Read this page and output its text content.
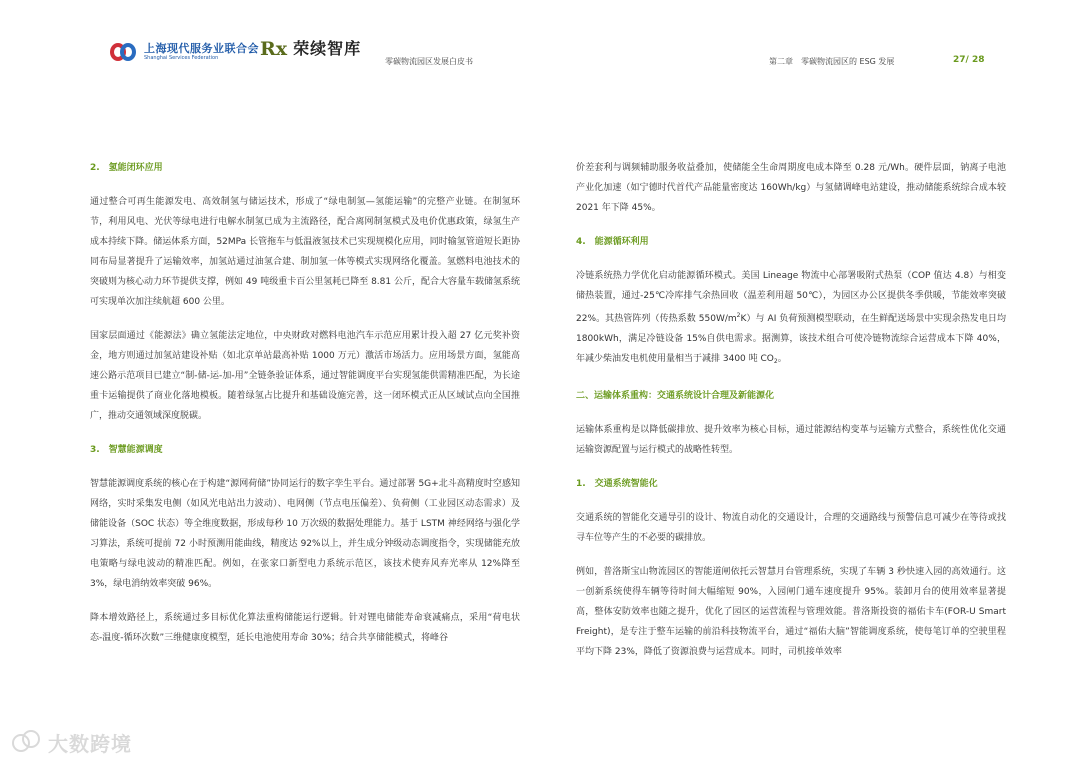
上海现代服务业联合会
Shanghai Services Federation	Rx 荣续智库
零碳物流园区发展白皮书	第二章　零碳物流园区的 ESG 发展	27/ 28
2.　氢能闭环应用

通过整合可再生能源发电、高效制氢与储运技术，形成了“绿电制氢—氢能运输”的完整产业链。在制氢环节，利用风电、光伏等绿电进行电解水制氢已成为主流路径，配合离网制氢模式及电价优惠政策，绿氢生产成本持续下降。储运体系方面，52MPa 长管拖车与低温液氢技术已实现规模化应用，同时输氢管道短长距协同布局显著提升了运输效率，加氢站通过油氢合建、制加氢一体等模式实现网络化覆盖。氢燃料电池技术的突破则为核心动力环节提供支撑，例如 49 吨级重卡百公里氢耗已降至 8.81 公斤，配合大容量车载储氢系统可实现单次加注续航超 600 公里。

国家层面通过《能源法》确立氢能法定地位，中央财政对燃料电池汽车示范应用累计投入超 27 亿元奖补资金，地方则通过加氢站建设补贴（如北京单站最高补贴 1000 万元）激活市场活力。应用场景方面，氢能高速公路示范项目已建立“制-储-运-加-用”全链条验证体系，通过智能调度平台实现氢能供需精准匹配，为长途重卡运输提供了商业化落地模板。随着绿氢占比提升和基础设施完善，这一闭环模式正从区域试点向全国推广，推动交通领域深度脱碳。

3.　智慧能源调度

智慧能源调度系统的核心在于构建“源网荷储”协同运行的数字孪生平台。通过部署 5G+北斗高精度时空感知网络，实时采集发电侧（如风光电站出力波动）、电网侧（节点电压偏差）、负荷侧（工业园区动态需求）及储能设备（SOC 状态）等全维度数据，形成每秒 10 万次级的数据处理能力。基于 LSTM 神经网络与强化学习算法，系统可提前 72 小时预测用能曲线，精度达 92%以上，并生成分钟级动态调度指令，实现储能充放电策略与绿电波动的精准匹配。例如，在张家口新型电力系统示范区，该技术使弃风弃光率从 12%降至 3%，绿电消纳效率突破 96%。

降本增效路径上，系统通过多目标优化算法重构储能运行逻辑。针对锂电储能寿命衰减痛点，采用“荷电状态-温度-循环次数”三维健康度模型，延长电池使用寿命 30%；结合共享储能模式，将峰谷

价差套利与调频辅助服务收益叠加，使储能全生命周期度电成本降至 0.28 元/Wh。硬件层面，钠离子电池产业化加速（如宁德时代首代产品能量密度达 160Wh/kg）与氢储调峰电站建设，推动储能系统综合成本较 2021 年下降 45%。

4.　能源循环利用

冷链系统热力学优化启动能源循环模式。美国 Lineage 物流中心部署吸附式热泵（COP 值达 4.8）与相变储热装置，通过-25℃冷库排气余热回收（温差利用超 50℃），为园区办公区提供冬季供暖，节能效率突破 22%。其热管阵列（传热系数 $550W/m^2K$）与 AI 负荷预测模型联动，在生鲜配送场景中实现余热发电日均 1800kWh，满足冷链设备 15%自供电需求。据测算，该技术组合可使冷链物流综合运营成本下降 40%，年减少柴油发电机使用量相当于减排 3400 吨 $CO_2$。

二、运输体系重构：交通系统设计合理及新能源化

运输体系重构是以降低碳排放、提升效率为核心目标，通过能源结构变革与运输方式整合，系统性优化交通运输资源配置与运行模式的战略性转型。

1.　交通系统智能化

交通系统的智能化交通导引的设计、物流自动化的交通设计，合理的交通路线与预警信息可减少在等待或找寻车位等产生的不必要的碳排放。

例如，普洛斯宝山物流园区的智能道闸依托云智慧月台管理系统，实现了车辆 3 秒快速入园的高效通行。这一创新系统使得车辆等待时间大幅缩短 90%，入园闸门通车速度提升 95%。装卸月台的使用效率显著提高，整体安防效率也随之提升，优化了园区的运营流程与管理效能。普洛斯投资的福佑卡车(FOR-U Smart Freight)，是专注于整车运输的前沿科技物流平台，通过“福佑大脑”智能调度系统，使每笔订单的空驶里程平均下降 23%，降低了资源浪费与运营成本。同时，司机接单效率

大数跨境
